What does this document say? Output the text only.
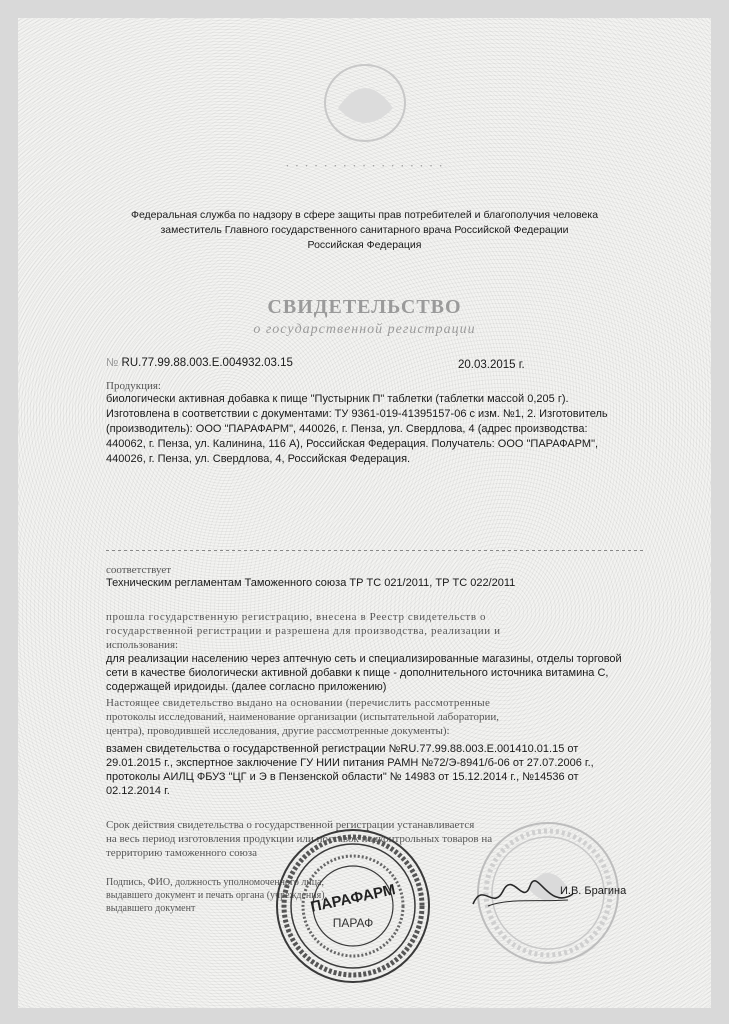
· · · · · · · · · · · · · · · · ·
Федеральная служба по надзору в сфере защиты прав потребителей и благополучия человека
заместитель Главного государственного санитарного врача Российской Федерации
Российская Федерация
СВИДЕТЕЛЬСТВО
о государственной регистрации
№ RU.77.99.88.003.E.004932.03.15	20.03.2015 г.
Продукция:
биологически активная добавка к пище "Пустырник П" таблетки (таблетки массой 0,205 г).
Изготовлена в соответствии с документами: ТУ 9361-019-41395157-06 с изм. №1, 2. Изготовитель
(производитель): ООО "ПАРАФАРМ", 440026, г. Пенза, ул. Свердлова, 4 (адрес производства:
440062, г. Пенза, ул. Калинина, 116 А), Российская Федерация. Получатель: ООО "ПАРАФАРМ",
440026, г. Пенза, ул. Свердлова, 4, Российская Федерация.
соответствует
Техническим регламентам Таможенного союза ТР ТС 021/2011, ТР ТС 022/2011
прошла государственную регистрацию, внесена в Реестр свидетельств о
государственной регистрации и разрешена для производства, реализации и
использования:
для реализации населению через аптечную сеть и специализированные магазины, отделы торговой
сети в качестве биологически активной добавки к пище - дополнительного источника витамина С,
содержащей иридоиды. (далее согласно приложению)
Настоящее свидетельство выдано на основании (перечислить рассмотренные
протоколы исследований, наименование организации (испытательной лаборатории,
центра), проводившей исследования, другие рассмотренные документы):
взамен свидетельства о государственной регистрации №RU.77.99.88.003.E.001410.01.15 от
29.01.2015 г., экспертное заключение ГУ НИИ питания РАМН №72/Э-8941/б-06 от 27.07.2006 г.,
протоколы АИЛЦ ФБУЗ "ЦГ и Э в Пензенской области" № 14983 от 15.12.2014 г., №14536 от
02.12.2014 г.
Срок действия свидетельства о государственной регистрации устанавливается
на весь период изготовления продукции или поставок подконтрольных товаров на
территорию таможенного союза
Подпись, ФИО, должность уполномоченного лица,
выдавшего документ и печать органа (учреждения),
выдавшего документ	ПАРАФАРМ
ПАРАФ
И.В. Брагина
